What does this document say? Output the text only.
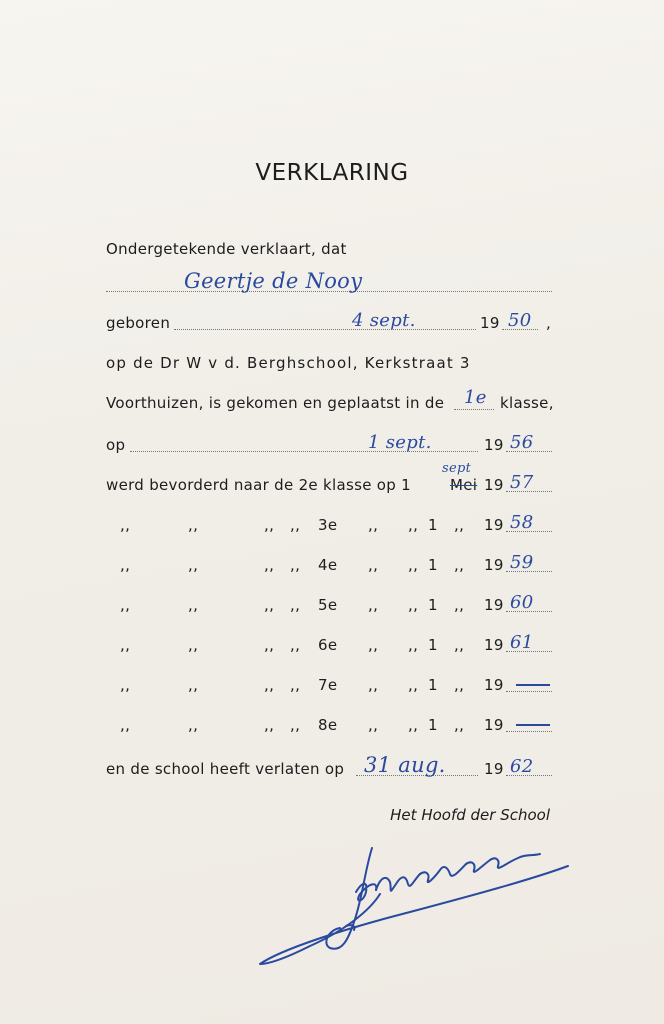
VERKLARING
Ondergetekende verklaart, dat
Geertje de Nooy
geboren	4 sept.	19 50 ,
op de Dr W v d. Berghschool, Kerkstraat 3
Voorthuizen, is gekomen en geplaatst in de 1e klasse,
op	1 sept.	19 56
werd bevorderd naar de 2e klasse op 1	Mei
sept
19 57
,,	,,	,, ,, 3e ,, ,, 1 ,, 19 58
,,	,,	,, ,, 4e ,, ,, 1 ,, 19 59
,,	,,	,, ,, 5e ,, ,, 1 ,, 19 60
,,	,,	,, ,, 6e ,, ,, 1 ,, 19 61
,,	,,	,, ,, 7e ,, ,, 1 ,, 19
,,	,,	,, ,, 8e ,, ,, 1 ,, 19
en de school heeft verlaten op 31 aug.	19 62
Het Hoofd der School
